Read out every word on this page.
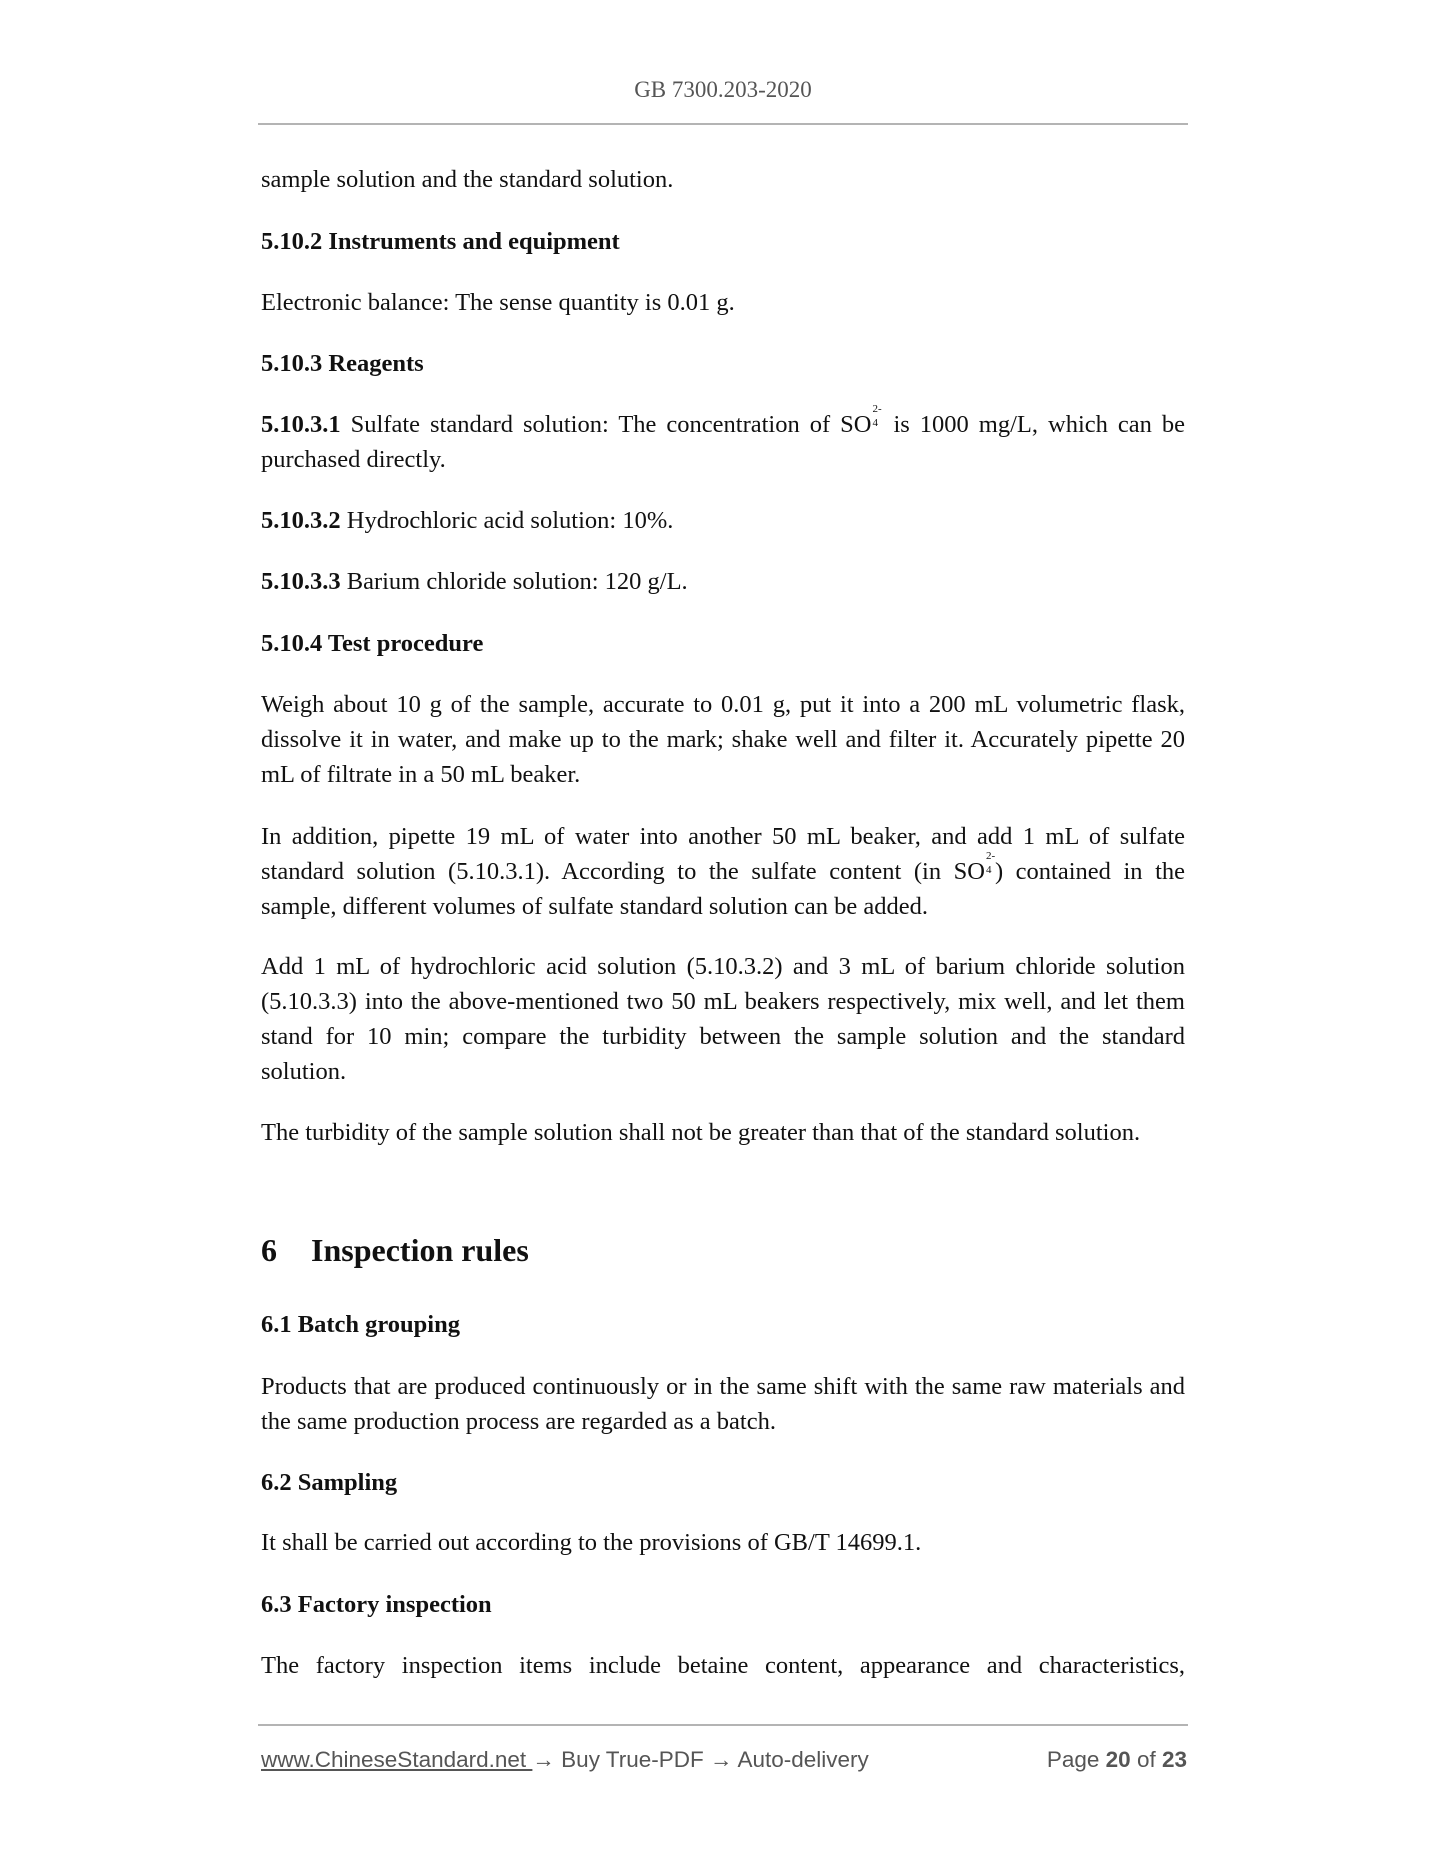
GB 7300.203-2020

sample solution and the standard solution.

5.10.2 Instruments and equipment

Electronic balance: The sense quantity is 0.01 g.

5.10.3 Reagents

5.10.3.1 Sulfate standard solution: The concentration of SO
2-
4 is 1000 mg/L, which can be purchased directly.

5.10.3.2 Hydrochloric acid solution: 10%.

5.10.3.3 Barium chloride solution: 120 g/L.

5.10.4 Test procedure

Weigh about 10 g of the sample, accurate to 0.01 g, put it into a 200 mL volumetric flask, dissolve it in water, and make up to the mark; shake well and filter it. Accurately pipette 20 mL of filtrate in a 50 mL beaker.

In addition, pipette 19 mL of water into another 50 mL beaker, and add 1 mL of sulfate standard solution (5.10.3.1). According to the sulfate content (in SO
2-
4 ) contained in the sample, different volumes of sulfate standard solution can be added.

Add 1 mL of hydrochloric acid solution (5.10.3.2) and 3 mL of barium chloride solution (5.10.3.3) into the above-mentioned two 50 mL beakers respectively, mix well, and let them stand for 10 min; compare the turbidity between the sample solution and the standard solution.

The turbidity of the sample solution shall not be greater than that of the standard solution.

6 Inspection rules

6.1 Batch grouping

Products that are produced continuously or in the same shift with the same raw materials and the same production process are regarded as a batch.

6.2 Sampling

It shall be carried out according to the provisions of GB/T 14699.1.

6.3 Factory inspection

The factory inspection items include betaine content, appearance and characteristics,

www.ChineseStandard.net → Buy True-PDF → Auto-delivery	Page 20 of 23
